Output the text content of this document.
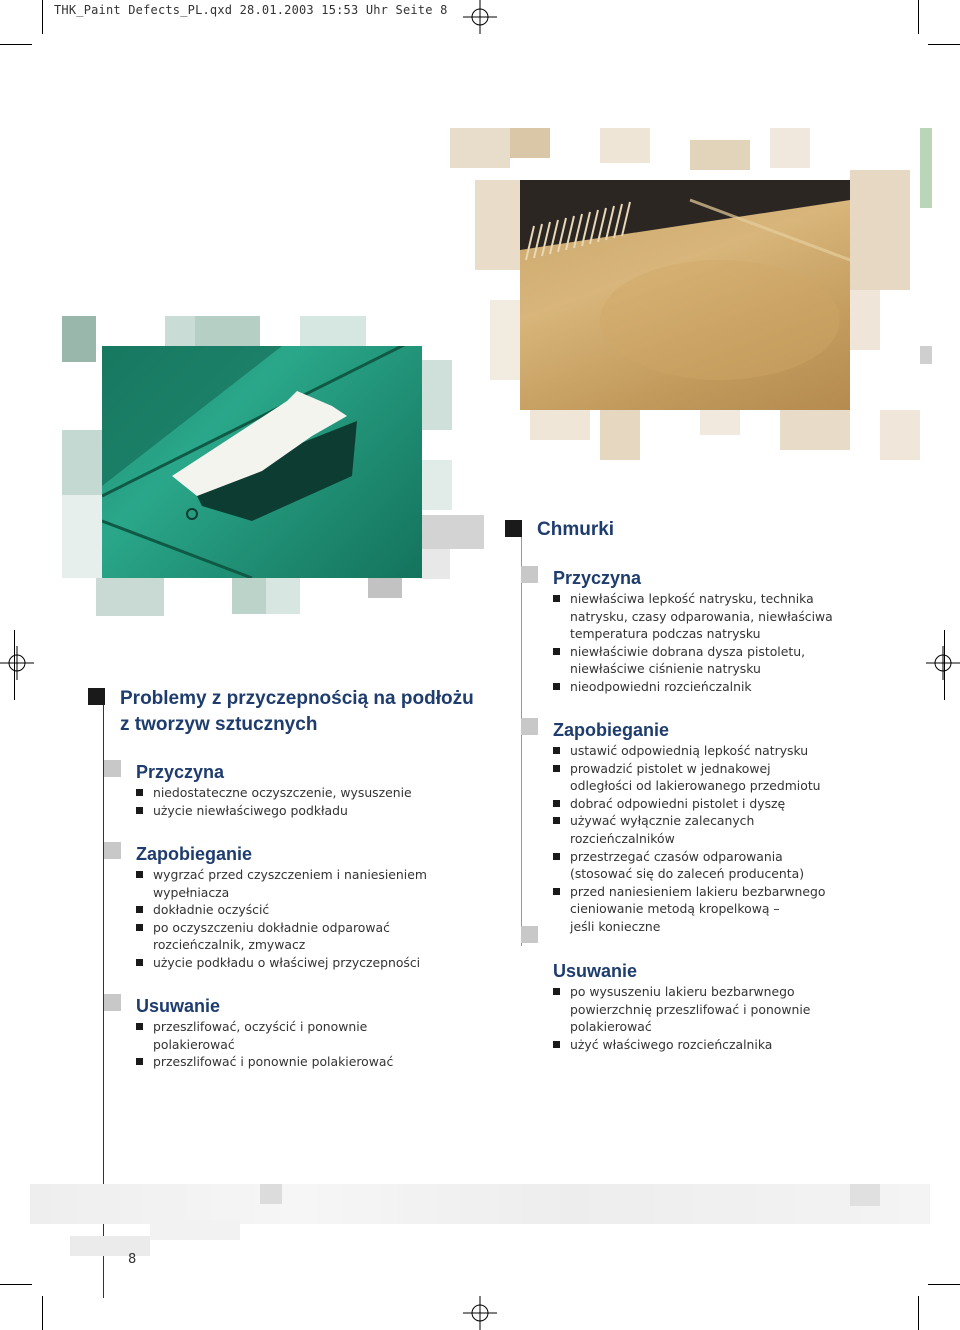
THK_Paint Defects_PL.qxd 28.01.2003 15:53 Uhr Seite 8
Problemy z przyczepnością na podłożu
z tworzyw sztucznych
Przyczyna
niedostateczne oczyszczenie, wysuszenie
użycie niewłaściwego podkładu
Zapobieganie
wygrzać przed czyszczeniem i naniesieniem
wypełniacza
dokładnie oczyścić
po oczyszczeniu dokładnie odparować
rozcieńczalnik, zmywacz
użycie podkładu o właściwej przyczepności
Usuwanie
przeszlifować, oczyścić i ponownie
polakierować
przeszlifować i ponownie polakierować
Chmurki
Przyczyna
niewłaściwa lepkość natrysku, technika
natrysku, czasy odparowania, niewłaściwa
temperatura podczas natrysku
niewłaściwie dobrana dysza pistoletu,
niewłaściwe ciśnienie natrysku
nieodpowiedni rozcieńczalnik
Zapobieganie
ustawić odpowiednią lepkość natrysku
prowadzić pistolet w jednakowej
odległości od lakierowanego przedmiotu
dobrać odpowiedni pistolet i dyszę
używać wyłącznie zalecanych
rozcieńczalników
przestrzegać czasów odparowania
(stosować się do zaleceń producenta)
przed naniesieniem lakieru bezbarwnego
cieniowanie metodą kropelkową –
jeśli konieczne
Usuwanie
po wysuszeniu lakieru bezbarwnego
powierzchnię przeszlifować i ponownie
polakierować
użyć właściwego rozcieńczalnika
8
